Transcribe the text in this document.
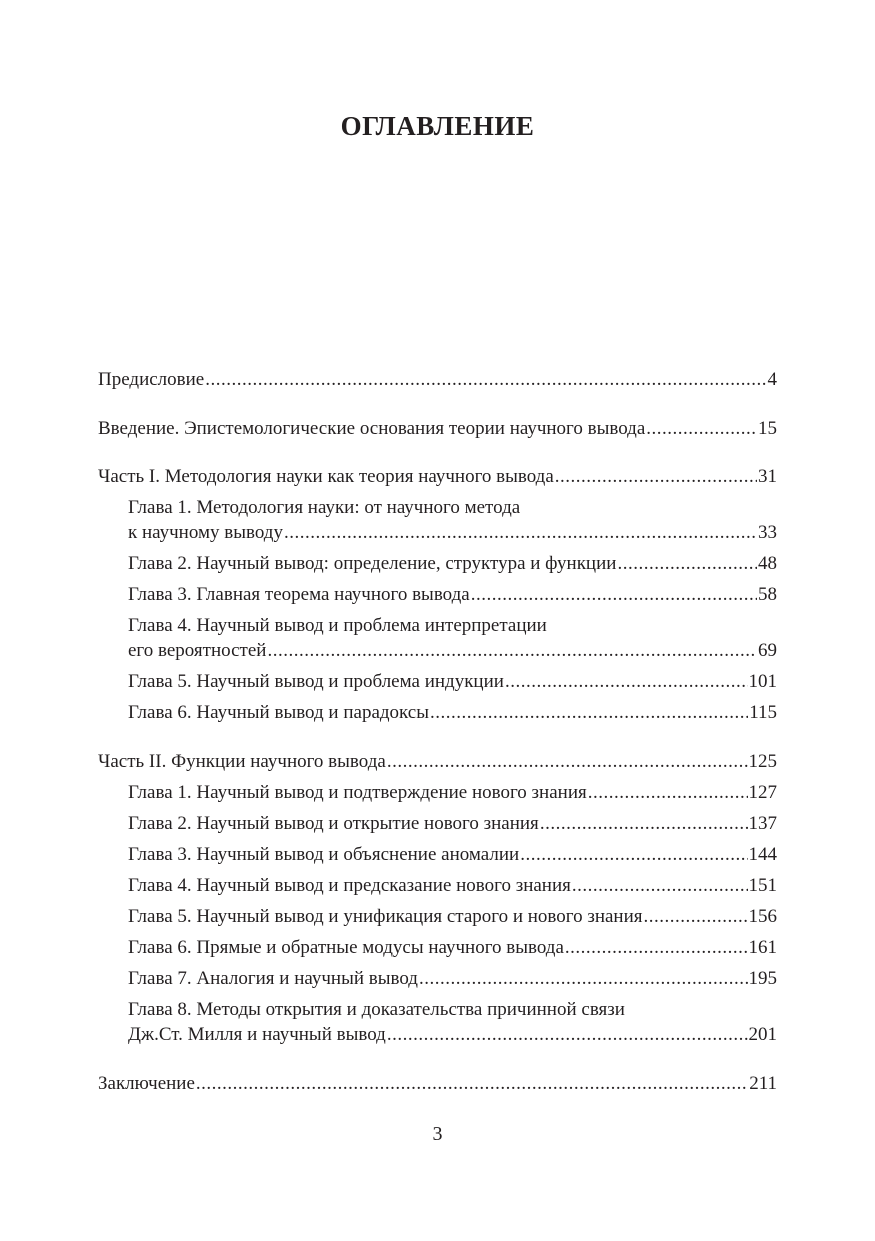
ОГЛАВЛЕНИЕ
Предисловие .....	4
Введение. Эпистемологические основания теории научного вывода .....	15
Часть I. Методология науки как теория научного вывода .....	31
Глава 1. Методология науки: от научного метода
к научному выводу .....	33
Глава 2. Научный вывод: определение, структура и функции .....	48
Глава 3. Главная теорема научного вывода .....	58
Глава 4. Научный вывод и проблема интерпретации
его вероятностей .....	69
Глава 5. Научный вывод и проблема индукции .....	101
Глава 6. Научный вывод и парадоксы .....	115
Часть II. Функции научного вывода .....	125
Глава 1. Научный вывод и подтверждение нового знания .....	127
Глава 2. Научный вывод и открытие нового знания .....	137
Глава 3. Научный вывод и объяснение аномалии .....	144
Глава 4. Научный вывод и предсказание нового знания .....	151
Глава 5. Научный вывод и унификация старого и нового знания .....	156
Глава 6. Прямые и обратные модусы научного вывода .....	161
Глава 7. Аналогия и научный вывод .....	195
Глава 8. Методы открытия и доказательства причинной связи
Дж.Ст. Милля и научный вывод .....	201
Заключение .....	211
3
